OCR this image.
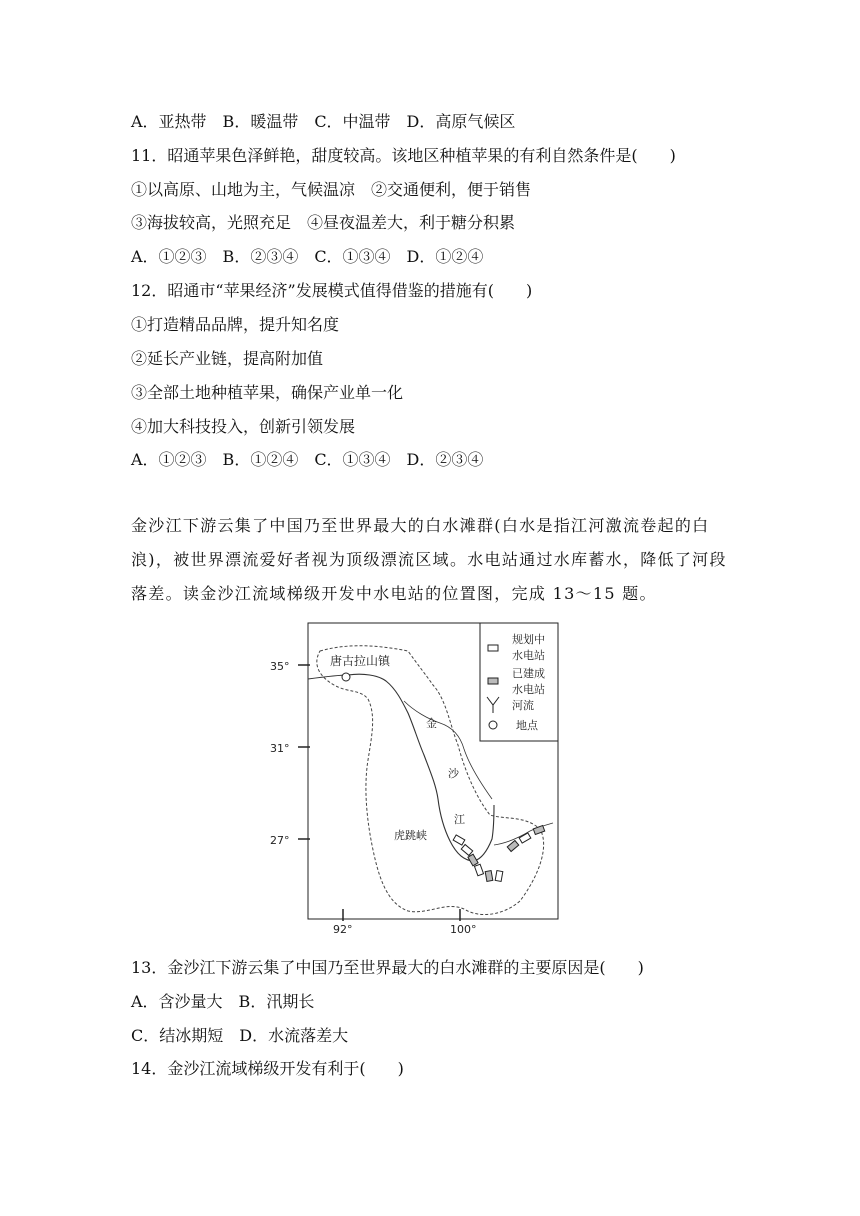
A．亚热带　B．暖温带　C．中温带　D．高原气候区
11．昭通苹果色泽鲜艳，甜度较高。该地区种植苹果的有利自然条件是(　　)
①以高原、山地为主，气候温凉　②交通便利，便于销售
③海拔较高，光照充足　④昼夜温差大，利于糖分积累
A．①②③　B．②③④　C．①③④　D．①②④
12．昭通市“苹果经济”发展模式值得借鉴的措施有(　　)
①打造精品品牌，提升知名度
②延长产业链，提高附加值
③全部土地种植苹果，确保产业单一化
④加大科技投入，创新引领发展
A．①②③　B．①②④　C．①③④　D．②③④
金沙江下游云集了中国乃至世界最大的白水滩群(白水是指江河激流卷起的白
浪)，被世界漂流爱好者视为顶级漂流区域。水电站通过水库蓄水，降低了河段
落差。读金沙江流域梯级开发中水电站的位置图，完成 13～15 题。
35°
31°
27°
92°	100°
唐古拉山镇
虎跳峡
金
沙
江
规划中
水电站
已建成
水电站
河流
地点
13．金沙江下游云集了中国乃至世界最大的白水滩群的主要原因是(　　)
A．含沙量大　B．汛期长
C．结冰期短　D．水流落差大
14．金沙江流域梯级开发有利于(　　)
